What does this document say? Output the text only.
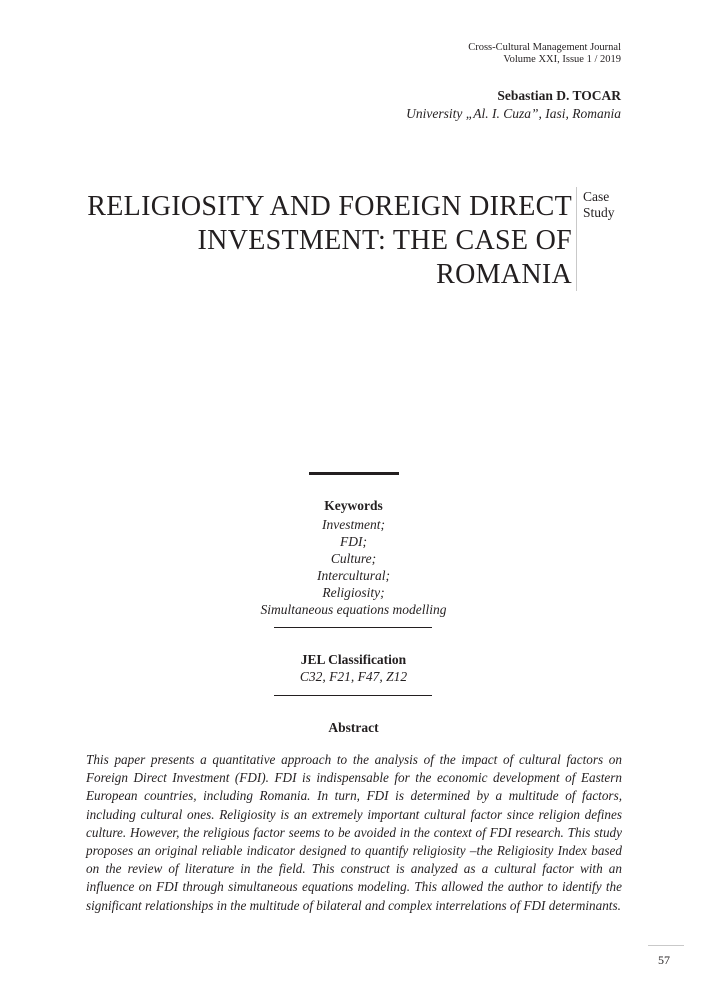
Cross-Cultural Management Journal
Volume XXI, Issue 1 / 2019
Sebastian D. TOCAR
University „Al. I. Cuza”, Iasi, Romania
RELIGIOSITY AND FOREIGN DIRECT
INVESTMENT: THE CASE OF
ROMANIA
Case
Study
Keywords
Investment;
FDI;
Culture;
Intercultural;
Religiosity;
Simultaneous equations modelling
JEL Classification
C32, F21, F47, Z12
Abstract

This paper presents a quantitative approach to the analysis of the impact of cultural factors on Foreign Direct Investment (FDI). FDI is indispensable for the economic development of Eastern European countries, including Romania. In turn, FDI is determined by a multitude of factors, including cultural ones. Religiosity is an extremely important cultural factor since religion defines culture. However, the religious factor seems to be avoided in the context of FDI research. This study proposes an original reliable indicator designed to quantify religiosity –the Religiosity Index based on the review of literature in the field. This construct is analyzed as a cultural factor with an influence on FDI through simultaneous equations modeling. This allowed the author to identify the significant relationships in the multitude of bilateral and complex interrelations of FDI determinants.

57
